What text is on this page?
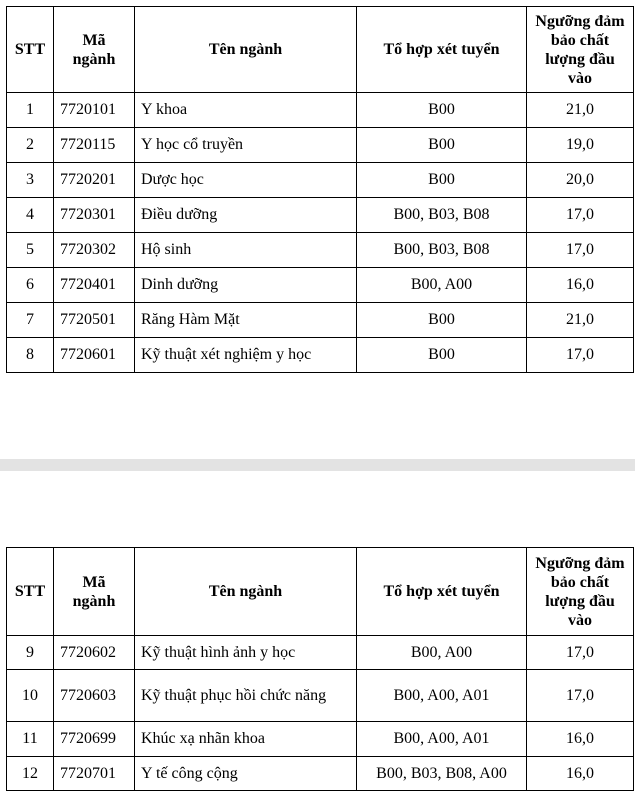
STT	Mã ngành	Tên ngành	Tổ hợp xét tuyển	Ngưỡng đảm bảo chất lượng đầu vào
1	7720101	Y khoa	B00	21,0
2	7720115	Y học cổ truyền	B00	19,0
3	7720201	Dược học	B00	20,0
4	7720301	Điều dưỡng	B00, B03, B08	17,0
5	7720302	Hộ sinh	B00, B03, B08	17,0
6	7720401	Dinh dưỡng	B00, A00	16,0
7	7720501	Răng Hàm Mặt	B00	21,0
8	7720601	Kỹ thuật xét nghiệm y học	B00	17,0
STT	Mã ngành	Tên ngành	Tổ hợp xét tuyển	Ngưỡng đảm bảo chất lượng đầu vào
9	7720602	Kỹ thuật hình ảnh y học	B00, A00	17,0
10	7720603	Kỹ thuật phục hồi chức năng	B00, A00, A01	17,0
11	7720699	Khúc xạ nhãn khoa	B00, A00, A01	16,0
12	7720701	Y tế công cộng	B00, B03, B08, A00	16,0
